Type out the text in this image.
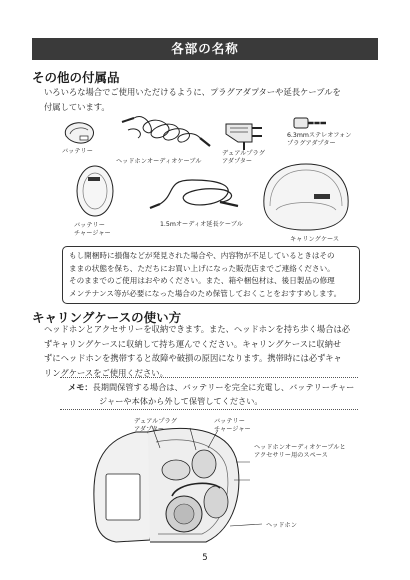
各部の名称
その他の付属品
いろいろな場合でご使用いただけるように、プラグアダプターや延長ケーブルを
付属しています。
バッテリー
ヘッドホンオーディオケーブル
デュアルプラグ
アダプター
6.3mmステレオフォン
プラグアダプター
バッテリー
チャージャー
1.5mオーディオ延長ケーブル
キャリングケース
もし開梱時に損傷などが発見された場合や、内容物が不足しているときはその
ままの状態を保ち、ただちにお買い上げになった販売店までご連絡ください。
そのままでのご使用はおやめください。また、箱や梱包材は、後日製品の修理
メンテナンス等が必要になった場合のため保管しておくことをおすすめします。
キャリングケースの使い方
ヘッドホンとアクセサリーを収納できます。また、ヘッドホンを持ち歩く場合は必
ずキャリングケースに収納して持ち運んでください。キャリングケースに収納せ
ずにヘッドホンを携帯すると故障や破損の原因になります。携帯時には必ずキャ
リングケースをご使用ください。
メモ：長期間保管する場合は、バッテリーを完全に充電し、バッテリーチャー
ジャーや本体から外して保管してください。
デュアルプラグ
アダプター
バッテリー
チャージャー
ヘッドホンオーディオケーブルと
アクセサリー用のスペース
ヘッドホン
5
